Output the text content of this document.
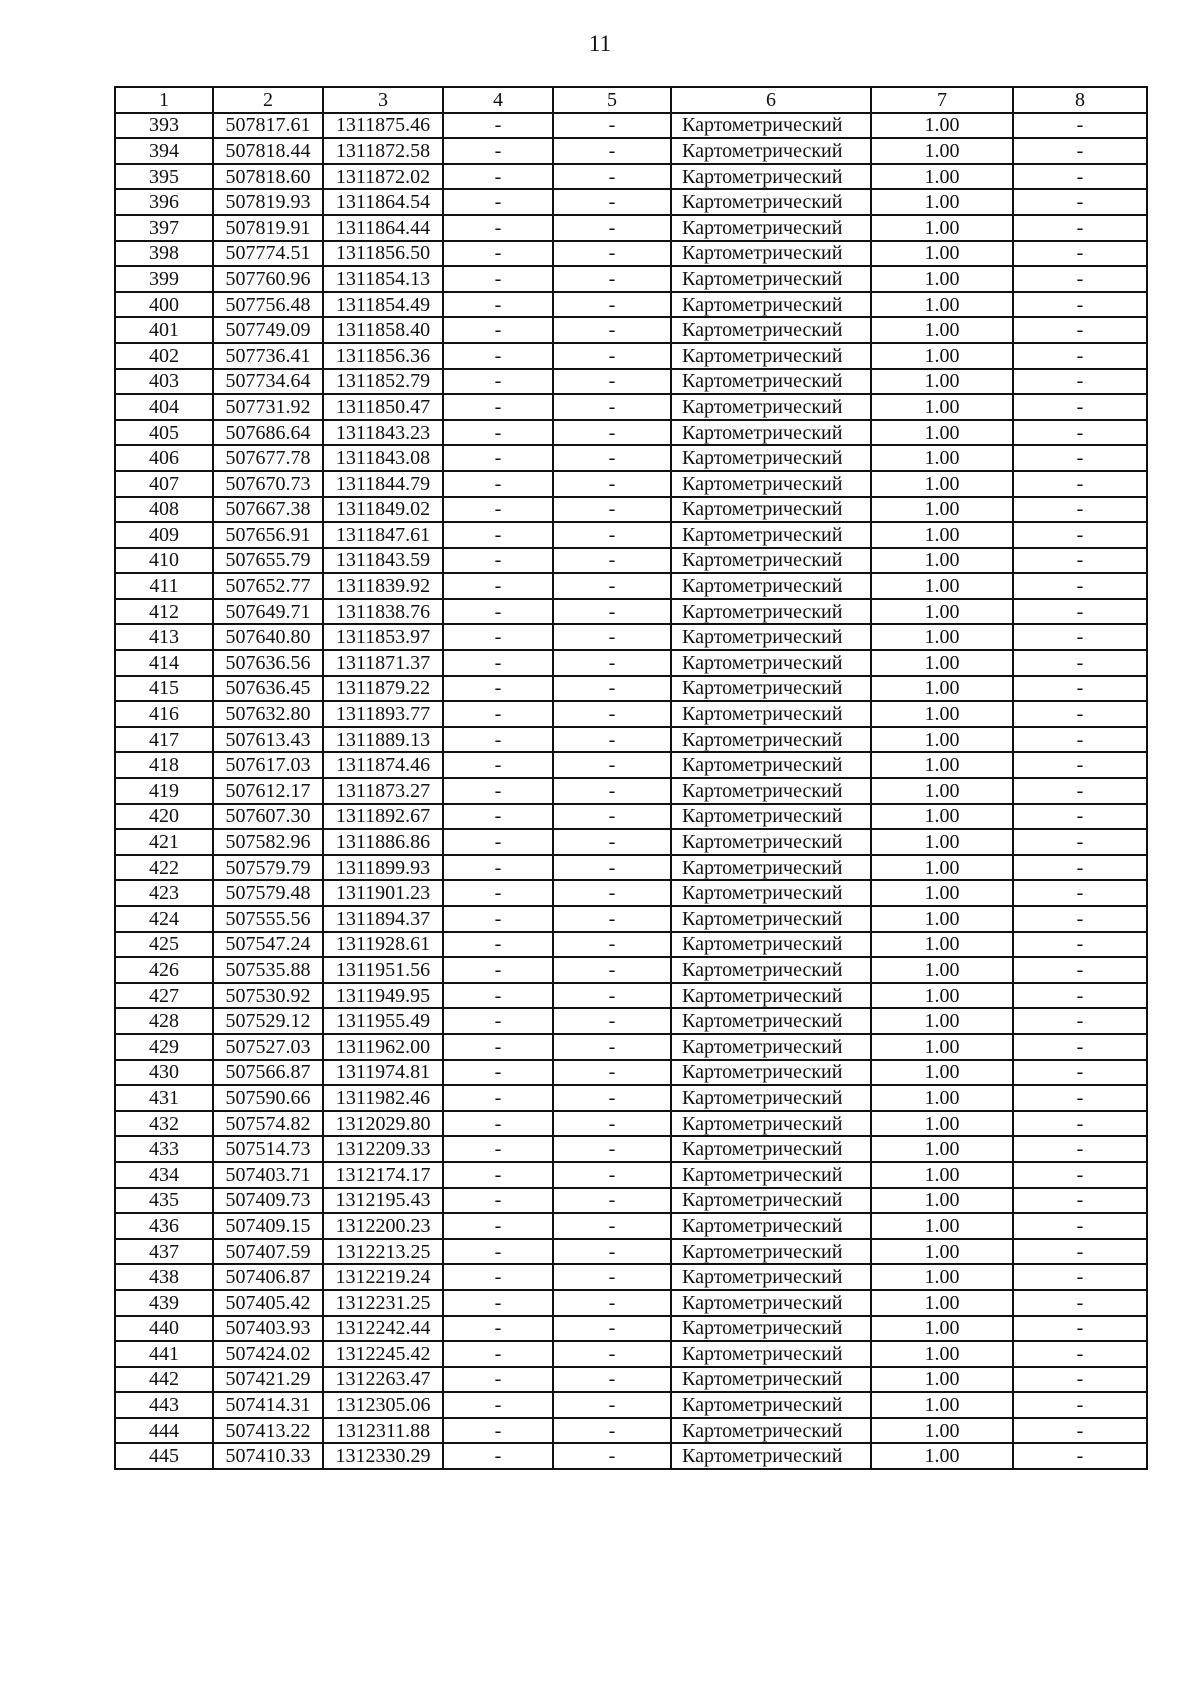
11
1	2	3	4	5	6	7	8
393	507817.61	1311875.46	-	-	Картометрический	1.00	-
394	507818.44	1311872.58	-	-	Картометрический	1.00	-
395	507818.60	1311872.02	-	-	Картометрический	1.00	-
396	507819.93	1311864.54	-	-	Картометрический	1.00	-
397	507819.91	1311864.44	-	-	Картометрический	1.00	-
398	507774.51	1311856.50	-	-	Картометрический	1.00	-
399	507760.96	1311854.13	-	-	Картометрический	1.00	-
400	507756.48	1311854.49	-	-	Картометрический	1.00	-
401	507749.09	1311858.40	-	-	Картометрический	1.00	-
402	507736.41	1311856.36	-	-	Картометрический	1.00	-
403	507734.64	1311852.79	-	-	Картометрический	1.00	-
404	507731.92	1311850.47	-	-	Картометрический	1.00	-
405	507686.64	1311843.23	-	-	Картометрический	1.00	-
406	507677.78	1311843.08	-	-	Картометрический	1.00	-
407	507670.73	1311844.79	-	-	Картометрический	1.00	-
408	507667.38	1311849.02	-	-	Картометрический	1.00	-
409	507656.91	1311847.61	-	-	Картометрический	1.00	-
410	507655.79	1311843.59	-	-	Картометрический	1.00	-
411	507652.77	1311839.92	-	-	Картометрический	1.00	-
412	507649.71	1311838.76	-	-	Картометрический	1.00	-
413	507640.80	1311853.97	-	-	Картометрический	1.00	-
414	507636.56	1311871.37	-	-	Картометрический	1.00	-
415	507636.45	1311879.22	-	-	Картометрический	1.00	-
416	507632.80	1311893.77	-	-	Картометрический	1.00	-
417	507613.43	1311889.13	-	-	Картометрический	1.00	-
418	507617.03	1311874.46	-	-	Картометрический	1.00	-
419	507612.17	1311873.27	-	-	Картометрический	1.00	-
420	507607.30	1311892.67	-	-	Картометрический	1.00	-
421	507582.96	1311886.86	-	-	Картометрический	1.00	-
422	507579.79	1311899.93	-	-	Картометрический	1.00	-
423	507579.48	1311901.23	-	-	Картометрический	1.00	-
424	507555.56	1311894.37	-	-	Картометрический	1.00	-
425	507547.24	1311928.61	-	-	Картометрический	1.00	-
426	507535.88	1311951.56	-	-	Картометрический	1.00	-
427	507530.92	1311949.95	-	-	Картометрический	1.00	-
428	507529.12	1311955.49	-	-	Картометрический	1.00	-
429	507527.03	1311962.00	-	-	Картометрический	1.00	-
430	507566.87	1311974.81	-	-	Картометрический	1.00	-
431	507590.66	1311982.46	-	-	Картометрический	1.00	-
432	507574.82	1312029.80	-	-	Картометрический	1.00	-
433	507514.73	1312209.33	-	-	Картометрический	1.00	-
434	507403.71	1312174.17	-	-	Картометрический	1.00	-
435	507409.73	1312195.43	-	-	Картометрический	1.00	-
436	507409.15	1312200.23	-	-	Картометрический	1.00	-
437	507407.59	1312213.25	-	-	Картометрический	1.00	-
438	507406.87	1312219.24	-	-	Картометрический	1.00	-
439	507405.42	1312231.25	-	-	Картометрический	1.00	-
440	507403.93	1312242.44	-	-	Картометрический	1.00	-
441	507424.02	1312245.42	-	-	Картометрический	1.00	-
442	507421.29	1312263.47	-	-	Картометрический	1.00	-
443	507414.31	1312305.06	-	-	Картометрический	1.00	-
444	507413.22	1312311.88	-	-	Картометрический	1.00	-
445	507410.33	1312330.29	-	-	Картометрический	1.00	-
